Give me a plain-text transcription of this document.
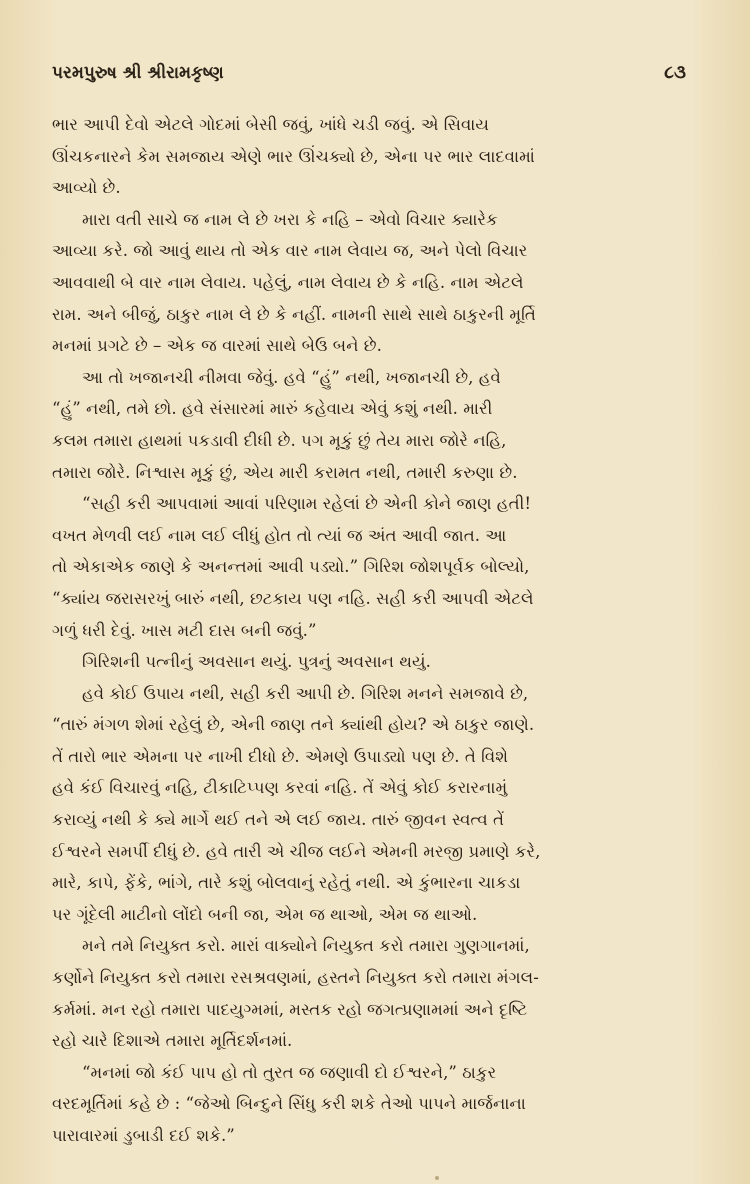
પરમપુરુષ શ્રી શ્રીરામકૃષ્ણ	૮૩

ભાર આપી દેવો એટલે ગોદમાં બેસી જવું, ખાંધે ચડી જવું. એ સિવાય
ઊંચકનારને કેમ સમજાય એણે ભાર ઊંચક્યો છે, એના પર ભાર લાદવામાં
આવ્યો છે.

મારા વતી સાચે જ નામ લે છે ખરા કે નહિ – એવો વિચાર ક્યારેક
આવ્યા કરે. જો આવું થાય તો એક વાર નામ લેવાય જ, અને પેલો વિચાર
આવવાથી બે વાર નામ લેવાય. પહેલું, નામ લેવાય છે કે નહિ. નામ એટલે
રામ. અને બીજું, ઠાકુર નામ લે છે કે નહીં. નામની સાથે સાથે ઠાકુરની મૂર્તિ
મનમાં પ્રગટે છે – એક જ વારમાં સાથે બેઉ બને છે.

આ તો ખજાનચી નીમવા જેવું. હવે “હું” નથી, ખજાનચી છે, હવે
“હું” નથી, તમે છો. હવે સંસારમાં મારું કહેવાય એવું કશું નથી. મારી
કલમ તમારા હાથમાં પકડાવી દીધી છે. પગ મૂકું છું તેય મારા જોરે નહિ,
તમારા જોરે. નિશ્વાસ મૂકું છું, એય મારી કરામત નથી, તમારી કરુણા છે.

“સહી કરી આપવામાં આવાં પરિણામ રહેલાં છે એની કોને જાણ હતી!
વખત મેળવી લઈ નામ લઈ લીધું હોત તો ત્યાં જ અંત આવી જાત. આ
તો એકાએક જાણે કે અનન્તમાં આવી પડ્યો.” ગિરિશ જોશપૂર્વક બોલ્યો,
“ક્યાંય જરાસરખું બારું નથી, છટકાય પણ નહિ. સહી કરી આપવી એટલે
ગળું ધરી દેવું. ખાસ મટી દાસ બની જવું.”

ગિરિશની પત્નીનું અવસાન થયું. પુત્રનું અવસાન થયું.

હવે કોઈ ઉપાય નથી, સહી કરી આપી છે. ગિરિશ મનને સમજાવે છે,
“તારું મંગળ શેમાં રહેલું છે, એની જાણ તને ક્યાંથી હોય? એ ઠાકુર જાણે.
તેં તારો ભાર એમના પર નાખી દીધો છે. એમણે ઉપાડ્યો પણ છે. તે વિશે
હવે કંઈ વિચારવું નહિ, ટીકાટિપ્પણ કરવાં નહિ. તેં એવું કોઈ કરારનામું
કરાવ્યું નથી કે ક્યે માર્ગે થઈ તને એ લઈ જાય. તારું જીવન સ્વત્વ તેં
ઈશ્વરને સમર્પી દીધું છે. હવે તારી એ ચીજ લઈને એમની મરજી પ્રમાણે કરે,
મારે, કાપે, ફેંકે, ભાંગે, તારે કશું બોલવાનું રહેતું નથી. એ કુંભારના ચાકડા
પર ગૂંદેલી માટીનો લોંદો બની જા, એમ જ થાઓ, એમ જ થાઓ.

મને તમે નિયુક્ત કરો. મારાં વાક્યોને નિયુક્ત કરો તમારા ગુણગાનમાં,
કર્ણોને નિયુક્ત કરો તમારા રસશ્રવણમાં, હસ્તને નિયુક્ત કરો તમારા મંગલ-
કર્મમાં. મન રહો તમારા પાદયુગ્મમાં, મસ્તક રહો જગત્પ્રણામમાં અને દૃષ્ટિ
રહો ચારે દિશાએ તમારા મૂર્તિદર્શનમાં.

“મનમાં જો કંઈ પાપ હો તો તુરત જ જણાવી દો ઈશ્વરને,” ઠાકુર
વરદમૂર્તિમાં કહે છે : “જેઓ બિન્દુને સિંધુ કરી શકે તેઓ પાપને માર્જનાના
પારાવારમાં ડુબાડી દઈ શકે.”
